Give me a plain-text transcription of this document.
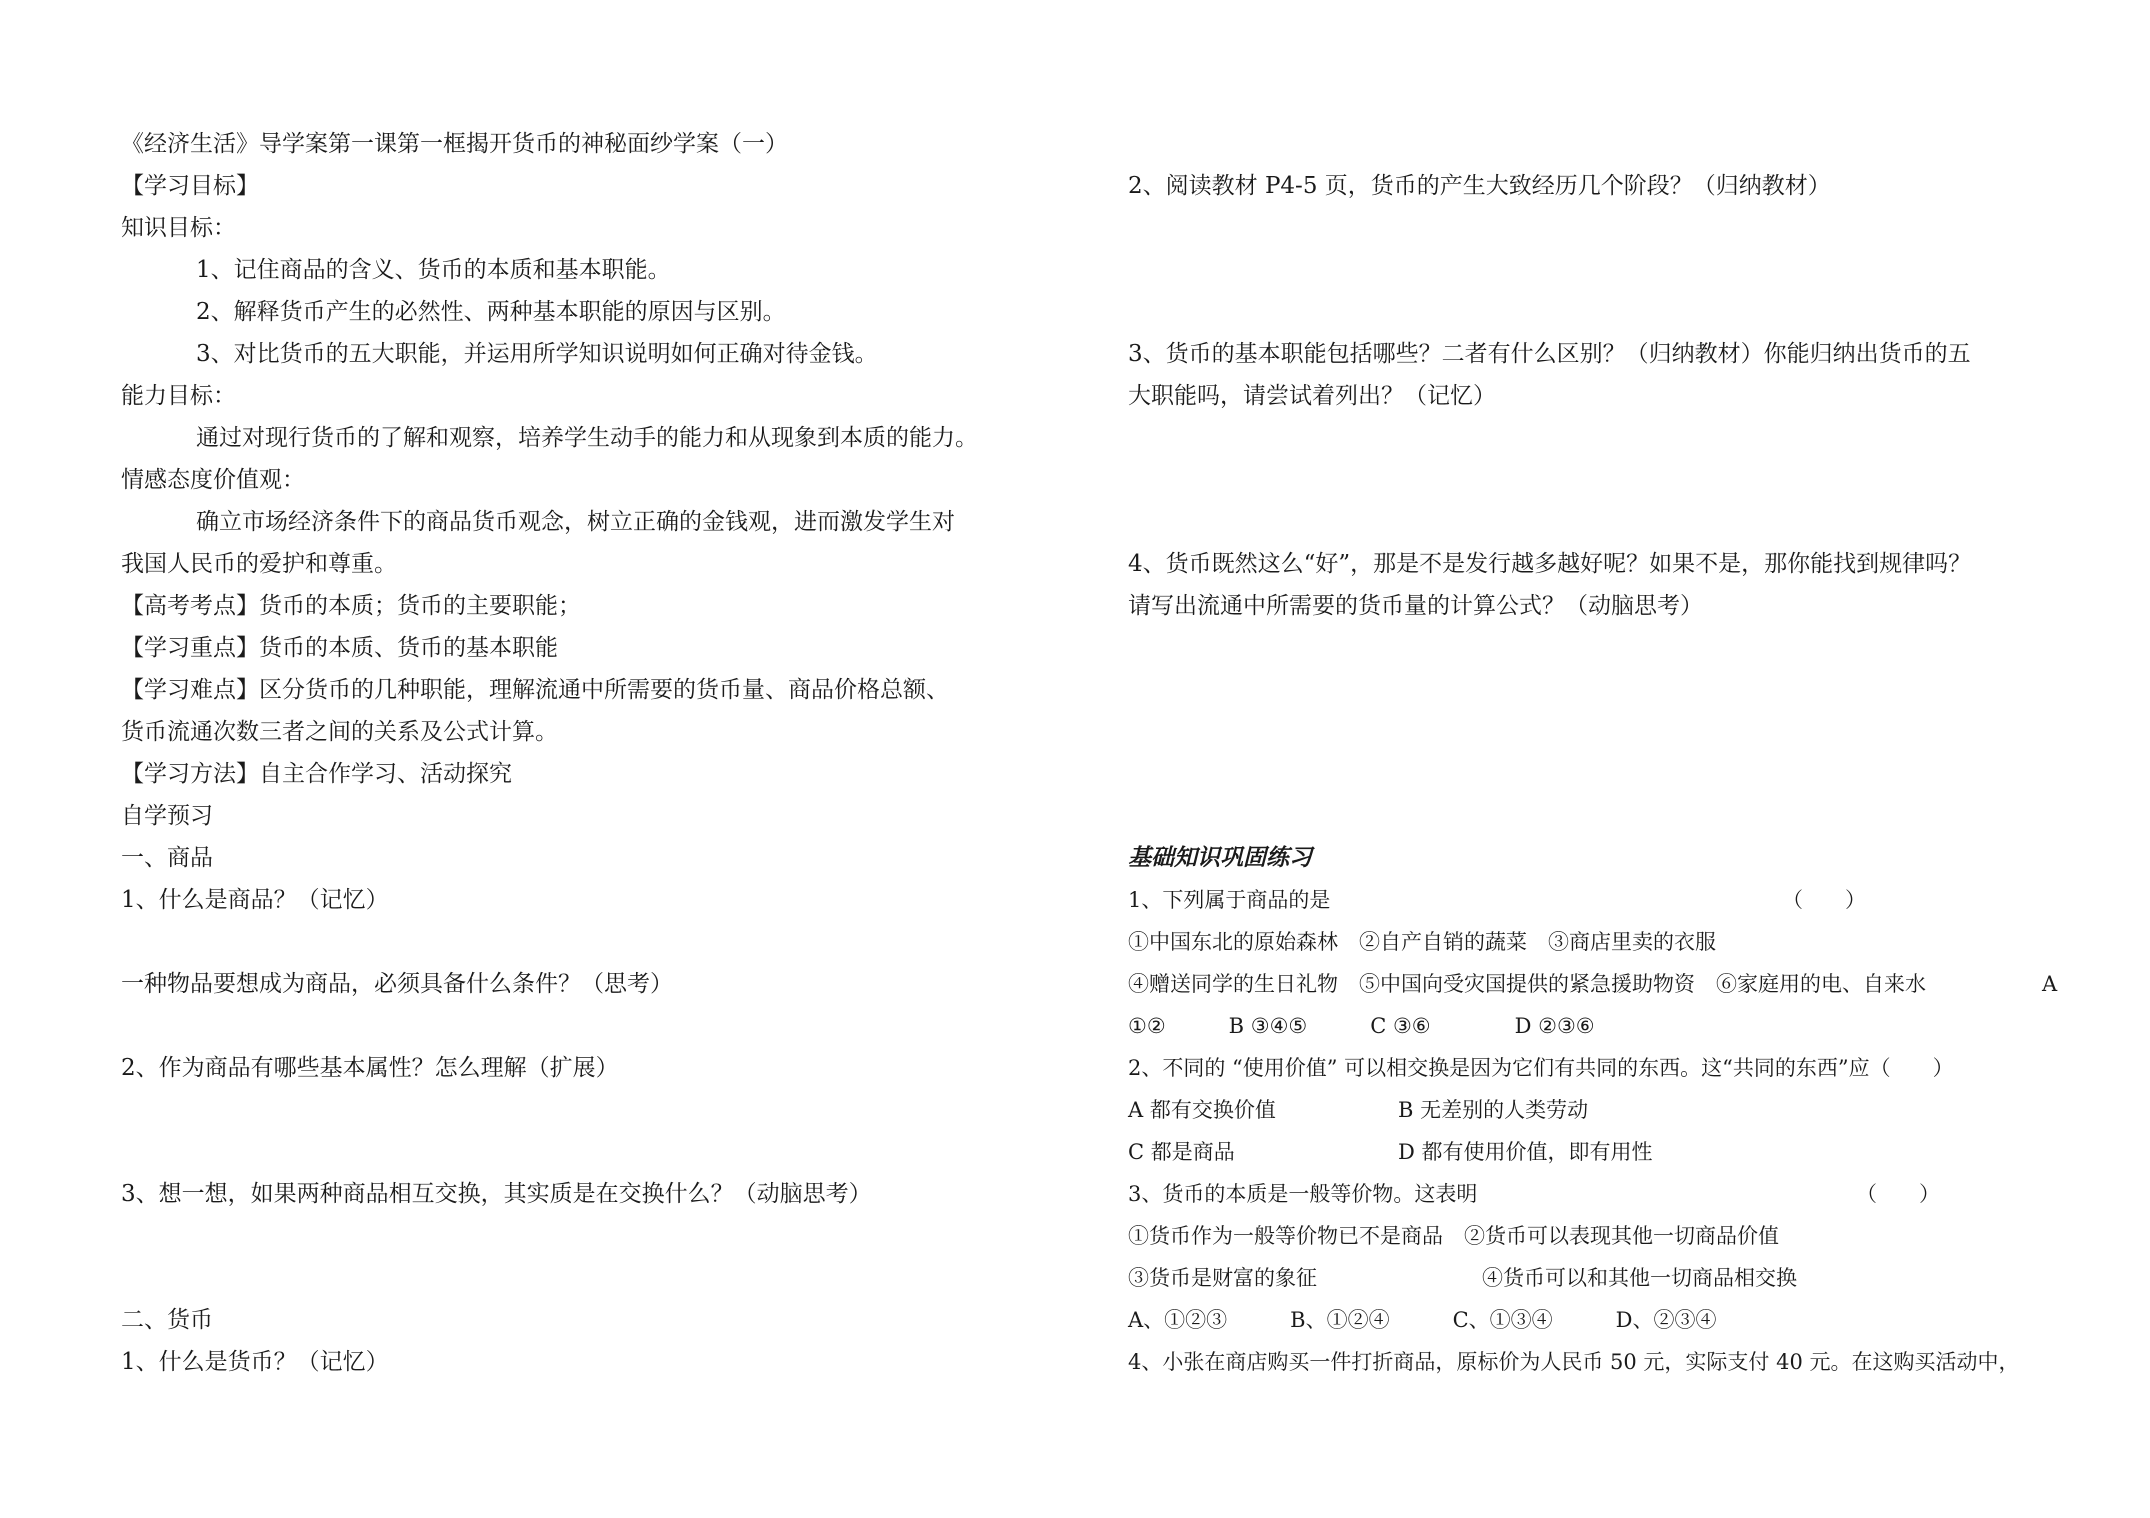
《经济生活》导学案第一课第一框揭开货币的神秘面纱学案（一）
【学习目标】
知识目标：
1、记住商品的含义、货币的本质和基本职能。
2、解释货币产生的必然性、两种基本职能的原因与区别。
3、对比货币的五大职能，并运用所学知识说明如何正确对待金钱。
能力目标：
通过对现行货币的了解和观察，培养学生动手的能力和从现象到本质的能力。
情感态度价值观：
确立市场经济条件下的商品货币观念，树立正确的金钱观，进而激发学生对
我国人民币的爱护和尊重。
【高考考点】货币的本质；货币的主要职能；
【学习重点】货币的本质、货币的基本职能
【学习难点】区分货币的几种职能，理解流通中所需要的货币量、商品价格总额、
货币流通次数三者之间的关系及公式计算。
【学习方法】自主合作学习、活动探究
自学预习
一、商品
1、什么是商品？（记忆）
一种物品要想成为商品，必须具备什么条件？（思考）
2、作为商品有哪些基本属性？怎么理解（扩展）
3、想一想，如果两种商品相互交换，其实质是在交换什么？（动脑思考）
二、货币
1、什么是货币？（记忆）
2、阅读教材 P4-5 页，货币的产生大致经历几个阶段？（归纳教材）
3、货币的基本职能包括哪些？二者有什么区别？（归纳教材）你能归纳出货币的五
大职能吗，请尝试着列出？（记忆）
4、货币既然这么“好”，那是不是发行越多越好呢？如果不是，那你能找到规律吗？
请写出流通中所需要的货币量的计算公式？（动脑思考）
基础知识巩固练习
1、下列属于商品的是	（　　）
①中国东北的原始森林　②自产自销的蔬菜　③商店里卖的衣服
④赠送同学的生日礼物　⑤中国向受灾国提供的紧急援助物资　⑥家庭用的电、自来水	A
①②　　　B ③④⑤　　　C ③⑥　　　　D ②③⑥
2、不同的 “使用价值” 可以相交换是因为它们有共同的东西。这“共同的东西”应（　　）
A 都有交换价值	B 无差别的人类劳动
C 都是商品	D 都有使用价值，即有用性
3、货币的本质是一般等价物。这表明	（　　）
①货币作为一般等价物已不是商品　②货币可以表现其他一切商品价值
③货币是财富的象征	④货币可以和其他一切商品相交换
A、①②③　　　B、①②④　　　C、①③④　　　D、②③④
4、小张在商店购买一件打折商品，原标价为人民币 50 元，实际支付 40 元。在这购买活动中，
